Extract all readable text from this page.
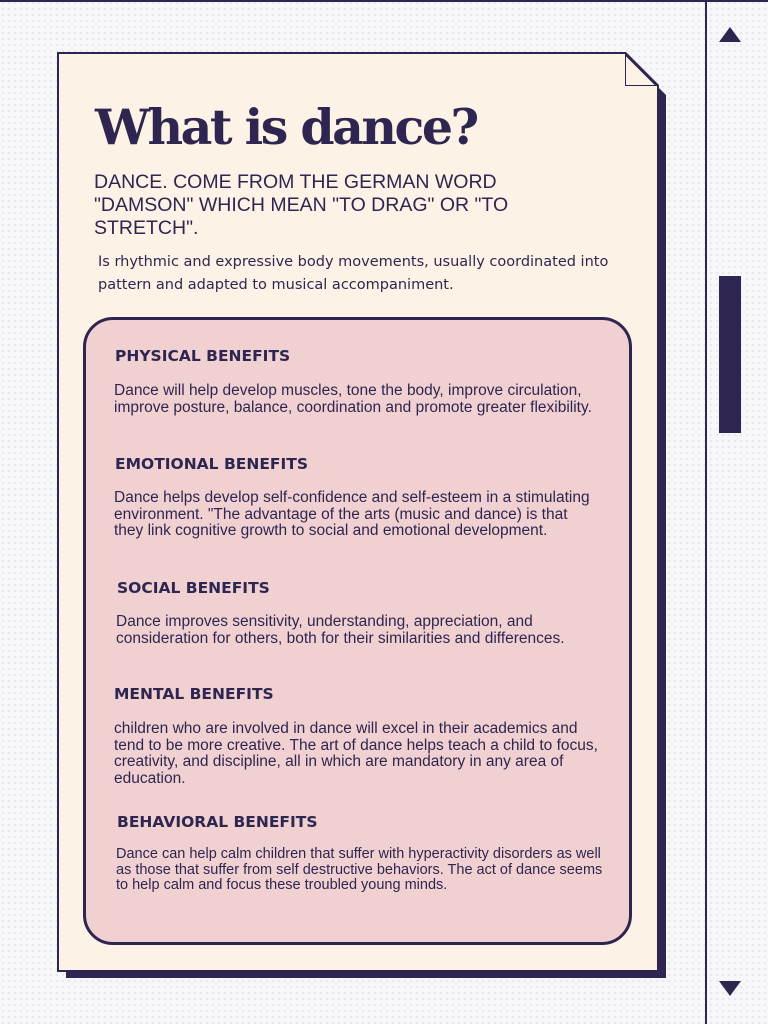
What is dance?

DANCE. COME FROM THE GERMAN WORD "DAMSON" WHICH MEAN "TO DRAG" OR "TO STRETCH".

Is rhythmic and expressive body movements, usually coordinated into pattern and adapted to musical accompaniment.

PHYSICAL BENEFITS

Dance will help develop muscles, tone the body, improve circulation, improve posture, balance, coordination and promote greater flexibility.

EMOTIONAL BENEFITS

Dance helps develop self-confidence and self-esteem in a stimulating environment. "The advantage of the arts (music and dance) is that they link cognitive growth to social and emotional development.

SOCIAL BENEFITS

Dance improves sensitivity, understanding, appreciation, and consideration for others, both for their similarities and differences.

MENTAL BENEFITS

children who are involved in dance will excel in their academics and tend to be more creative. The art of dance helps teach a child to focus, creativity, and discipline, all in which are mandatory in any area of education.

BEHAVIORAL BENEFITS

Dance can help calm children that suffer with hyperactivity disorders as well as those that suffer from self destructive behaviors. The act of dance seems to help calm and focus these troubled young minds.
